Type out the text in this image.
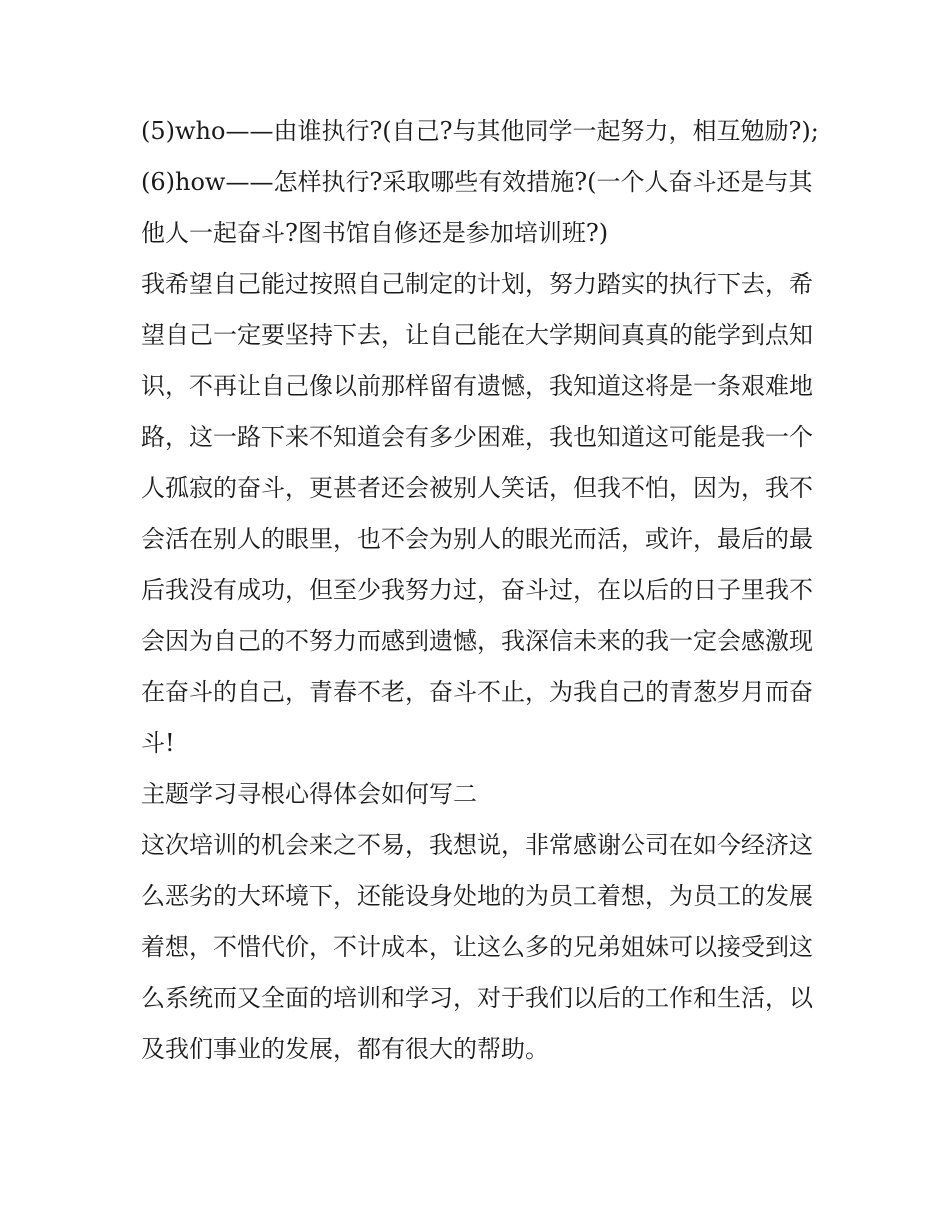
(5)who——由谁执行?(自己?与其他同学一起努力，相互勉励?);

(6)how——怎样执行?采取哪些有效措施?(一个人奋斗还是与其他人一起奋斗?图书馆自修还是参加培训班?)

我希望自己能过按照自己制定的计划，努力踏实的执行下去，希望自己一定要坚持下去，让自己能在大学期间真真的能学到点知识，不再让自己像以前那样留有遗憾，我知道这将是一条艰难地路，这一路下来不知道会有多少困难，我也知道这可能是我一个人孤寂的奋斗，更甚者还会被别人笑话，但我不怕，因为，我不会活在别人的眼里，也不会为别人的眼光而活，或许，最后的最后我没有成功，但至少我努力过，奋斗过，在以后的日子里我不会因为自己的不努力而感到遗憾，我深信未来的我一定会感激现在奋斗的自己，青春不老，奋斗不止，为我自己的青葱岁月而奋斗!

主题学习寻根心得体会如何写二

这次培训的机会来之不易，我想说，非常感谢公司在如今经济这么恶劣的大环境下，还能设身处地的为员工着想，为员工的发展着想，不惜代价，不计成本，让这么多的兄弟姐妹可以接受到这么系统而又全面的培训和学习，对于我们以后的工作和生活，以及我们事业的发展，都有很大的帮助。
